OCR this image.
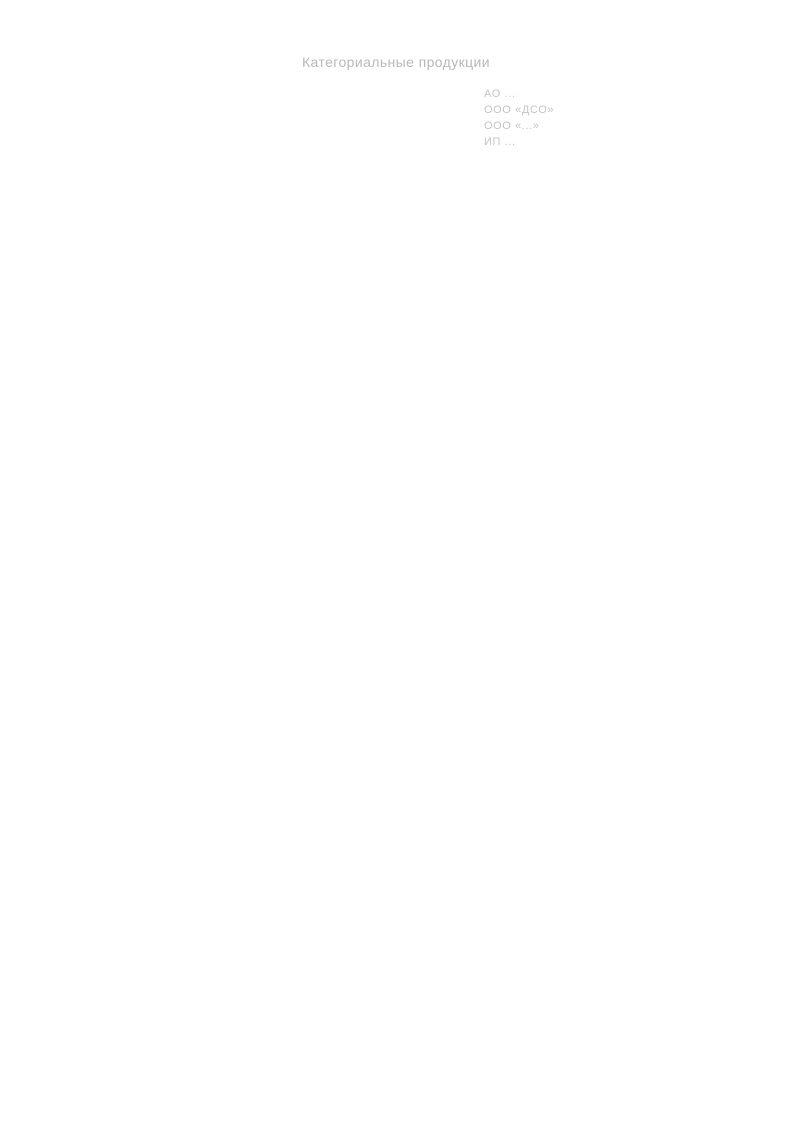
Категориальные продукции
АО ...
ООО «ДСО»
ООО «...»
ИП ...
